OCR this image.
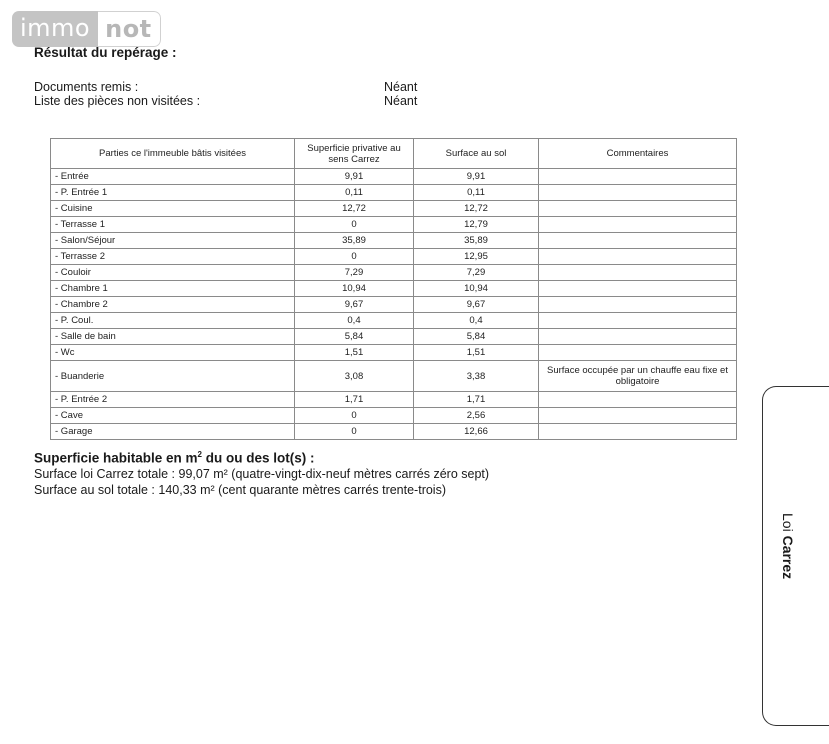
immo not
Résultat du repérage :
Documents remis :	Néant
Liste des pièces non visitées :	Néant
Parties ce l'immeuble bâtis visitées	Superficie privative au sens Carrez	Surface au sol	Commentaires
- Entrée	9,91	9,91	
- P. Entrée 1	0,11	0,11	
- Cuisine	12,72	12,72	
- Terrasse 1	0	12,79	
- Salon/Séjour	35,89	35,89	
- Terrasse 2	0	12,95	
- Couloir	7,29	7,29	
- Chambre 1	10,94	10,94	
- Chambre 2	9,67	9,67	
- P. Coul.	0,4	0,4	
- Salle de bain	5,84	5,84	
- Wc	1,51	1,51	
- Buanderie	3,08	3,38	Surface occupée par un chauffe eau fixe et obligatoire
- P. Entrée 2	1,71	1,71	
- Cave	0	2,56	
- Garage	0	12,66	
Superficie habitable en $m^2$ du ou des lot(s) :
Surface loi Carrez totale : 99,07 m² (quatre-vingt-dix-neuf mètres carrés zéro sept)
Surface au sol totale : 140,33 m² (cent quarante mètres carrés trente-trois)
Loi Carrez
